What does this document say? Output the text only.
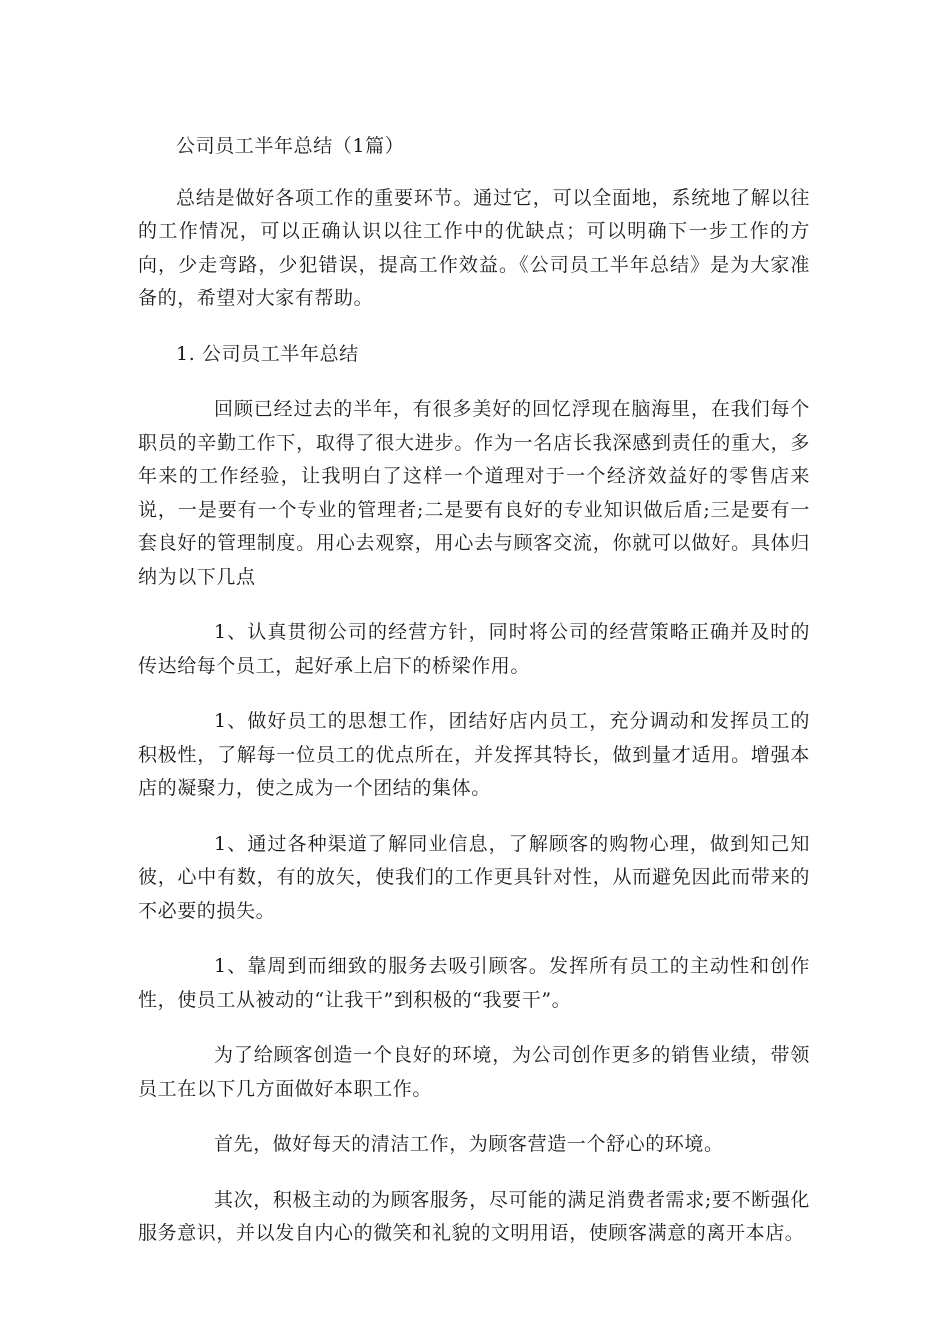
公司员工半年总结（1篇）

总结是做好各项工作的重要环节。通过它，可以全面地，系统地了解以往的工作情况，可以正确认识以往工作中的优缺点；可以明确下一步工作的方向，少走弯路，少犯错误，提高工作效益。《公司员工半年总结》是为大家准备的，希望对大家有帮助。

1. 公司员工半年总结

回顾已经过去的半年，有很多美好的回忆浮现在脑海里，在我们每个职员的辛勤工作下，取得了很大进步。作为一名店长我深感到责任的重大，多年来的工作经验，让我明白了这样一个道理对于一个经济效益好的零售店来说，一是要有一个专业的管理者;二是要有良好的专业知识做后盾;三是要有一套良好的管理制度。用心去观察，用心去与顾客交流，你就可以做好。具体归纳为以下几点

1、认真贯彻公司的经营方针，同时将公司的经营策略正确并及时的传达给每个员工，起好承上启下的桥梁作用。

1、做好员工的思想工作，团结好店内员工，充分调动和发挥员工的积极性，了解每一位员工的优点所在，并发挥其特长，做到量才适用。增强本店的凝聚力，使之成为一个团结的集体。

1、通过各种渠道了解同业信息，了解顾客的购物心理，做到知己知彼，心中有数，有的放矢，使我们的工作更具针对性，从而避免因此而带来的不必要的损失。

1、靠周到而细致的服务去吸引顾客。发挥所有员工的主动性和创作性，使员工从被动的“让我干”到积极的“我要干”。

为了给顾客创造一个良好的环境，为公司创作更多的销售业绩，带领员工在以下几方面做好本职工作。

首先，做好每天的清洁工作，为顾客营造一个舒心的环境。

其次，积极主动的为顾客服务，尽可能的满足消费者需求;要不断强化服务意识，并以发自内心的微笑和礼貌的文明用语，使顾客满意的离开本店。
